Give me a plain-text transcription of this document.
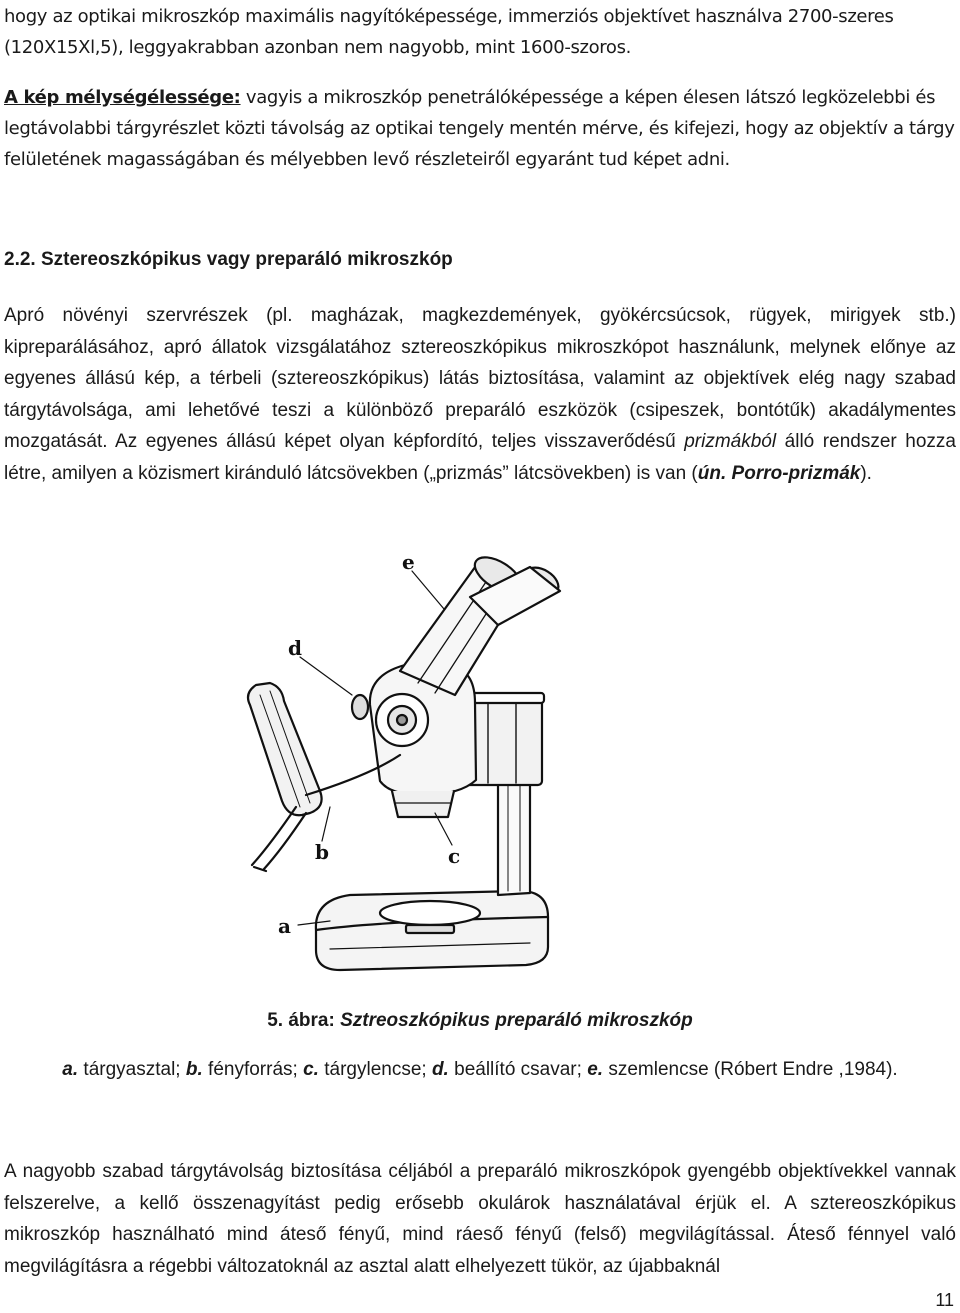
hogy az optikai mikroszkóp maximális nagyítóképessége, immerziós objektívet használva 2700-szeres (120X15Xl,5), leggyakrabban azonban nem nagyobb, mint 1600-szoros.

A kép mélységélessége: vagyis a mikroszkóp penetrálóképessége a képen élesen látszó legközelebbi és legtávolabbi tárgyrészlet közti távolság az optikai tengely mentén mérve, és kifejezi, hogy az objektív a tárgy felületének magasságában és mélyebben levő részleteiről egyaránt tud képet adni.

2.2. Sztereoszkópikus vagy preparáló mikroszkóp

Apró növényi szervrészek (pl. magházak, magkezdemények, gyökércsúcsok, rügyek, mirigyek stb.) kipreparálásához, apró állatok vizsgálatához sztereoszkópikus mikroszkópot használunk, melynek előnye az egyenes állású kép, a térbeli (sztereoszkópikus) látás biztosítása, valamint az objektívek elég nagy szabad tárgytávolsága, ami lehetővé teszi a különböző preparáló eszközök (csipeszek, bontótűk) akadálymentes mozgatását. Az egyenes állású képet olyan képfordító, teljes visszaverődésű prizmákból álló rendszer hozza létre, amilyen a közismert kiránduló látcsövekben („prizmás” látcsövekben) is van (ún. Porro-prizmák).

e
d
b	c
a

5. ábra: Sztreoszkópikus preparáló mikroszkóp

a. tárgyasztal; b. fényforrás; c. tárgylencse; d. beállító csavar; e. szemlencse (Róbert Endre ,1984).

A nagyobb szabad tárgytávolság biztosítása céljából a preparáló mikroszkópok gyengébb objektívekkel vannak felszerelve, a kellő összenagyítást pedig erősebb okulárok használatával érjük el. A sztereoszkópikus mikroszkóp használható mind áteső fényű, mind ráeső fényű (felső) megvilágítással. Áteső fénnyel való megvilágításra a régebbi változatoknál az asztal alatt elhelyezett tükör, az újabbaknál

11
